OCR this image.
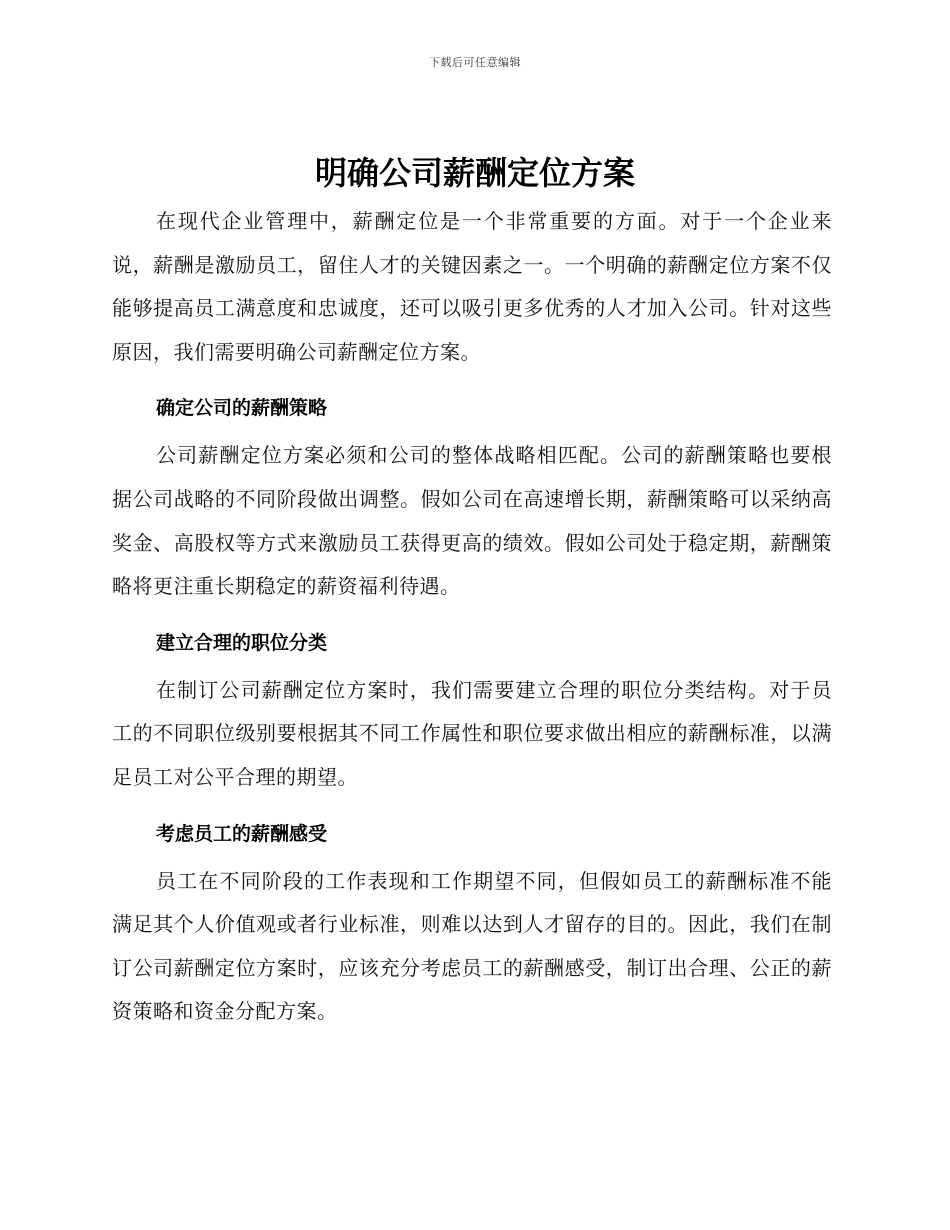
下载后可任意编辑
明确公司薪酬定位方案

在现代企业管理中，薪酬定位是一个非常重要的方面。对于一个企业来说，薪酬是激励员工，留住人才的关键因素之一。一个明确的薪酬定位方案不仅能够提高员工满意度和忠诚度，还可以吸引更多优秀的人才加入公司。针对这些原因，我们需要明确公司薪酬定位方案。

确定公司的薪酬策略

公司薪酬定位方案必须和公司的整体战略相匹配。公司的薪酬策略也要根据公司战略的不同阶段做出调整。假如公司在高速增长期，薪酬策略可以采纳高奖金、高股权等方式来激励员工获得更高的绩效。假如公司处于稳定期，薪酬策略将更注重长期稳定的薪资福利待遇。

建立合理的职位分类

在制订公司薪酬定位方案时，我们需要建立合理的职位分类结构。对于员工的不同职位级别要根据其不同工作属性和职位要求做出相应的薪酬标准，以满足员工对公平合理的期望。

考虑员工的薪酬感受

员工在不同阶段的工作表现和工作期望不同，但假如员工的薪酬标准不能满足其个人价值观或者行业标准，则难以达到人才留存的目的。因此，我们在制订公司薪酬定位方案时，应该充分考虑员工的薪酬感受，制订出合理、公正的薪资策略和资金分配方案。
